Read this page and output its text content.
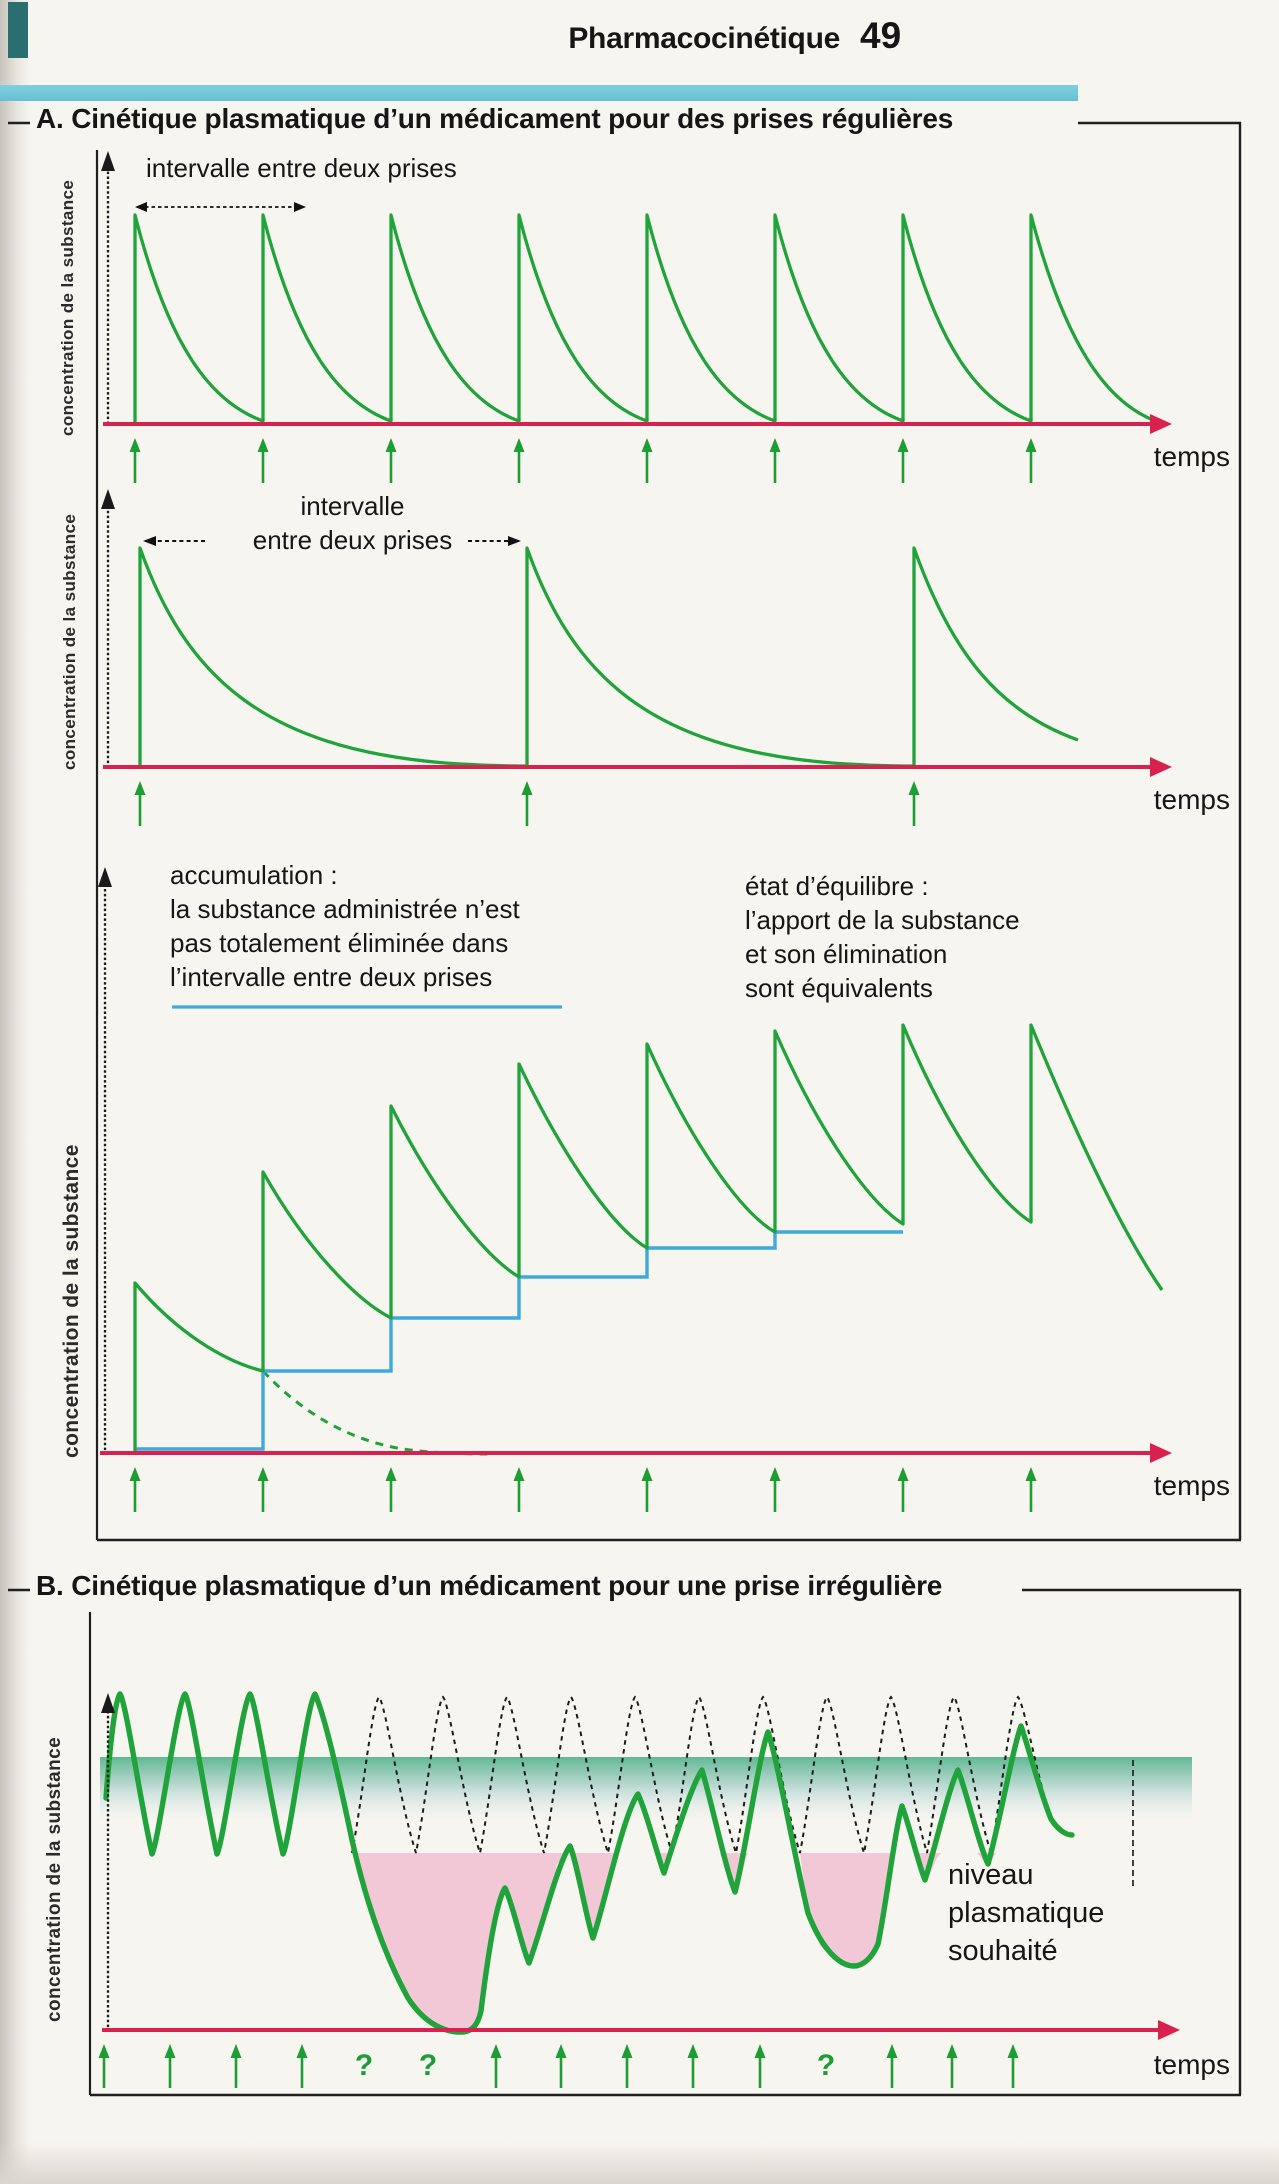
Pharmacocinétique 49
A. Cinétique plasmatique d’un médicament pour des prises régulières
concentration de la substance
intervalle entre deux prises
temps
concentration de la substance
intervalle
entre deux prises
temps
concentration de la substance
accumulation :
la substance administrée n’est
pas totalement éliminée dans
l’intervalle entre deux prises
état d’équilibre :
l’apport de la substance
et son élimination
sont équivalents
temps
B. Cinétique plasmatique d’un médicament pour une prise irrégulière
concentration de la substance	niveau
plasmatique
souhaité
? ?	?	temps
